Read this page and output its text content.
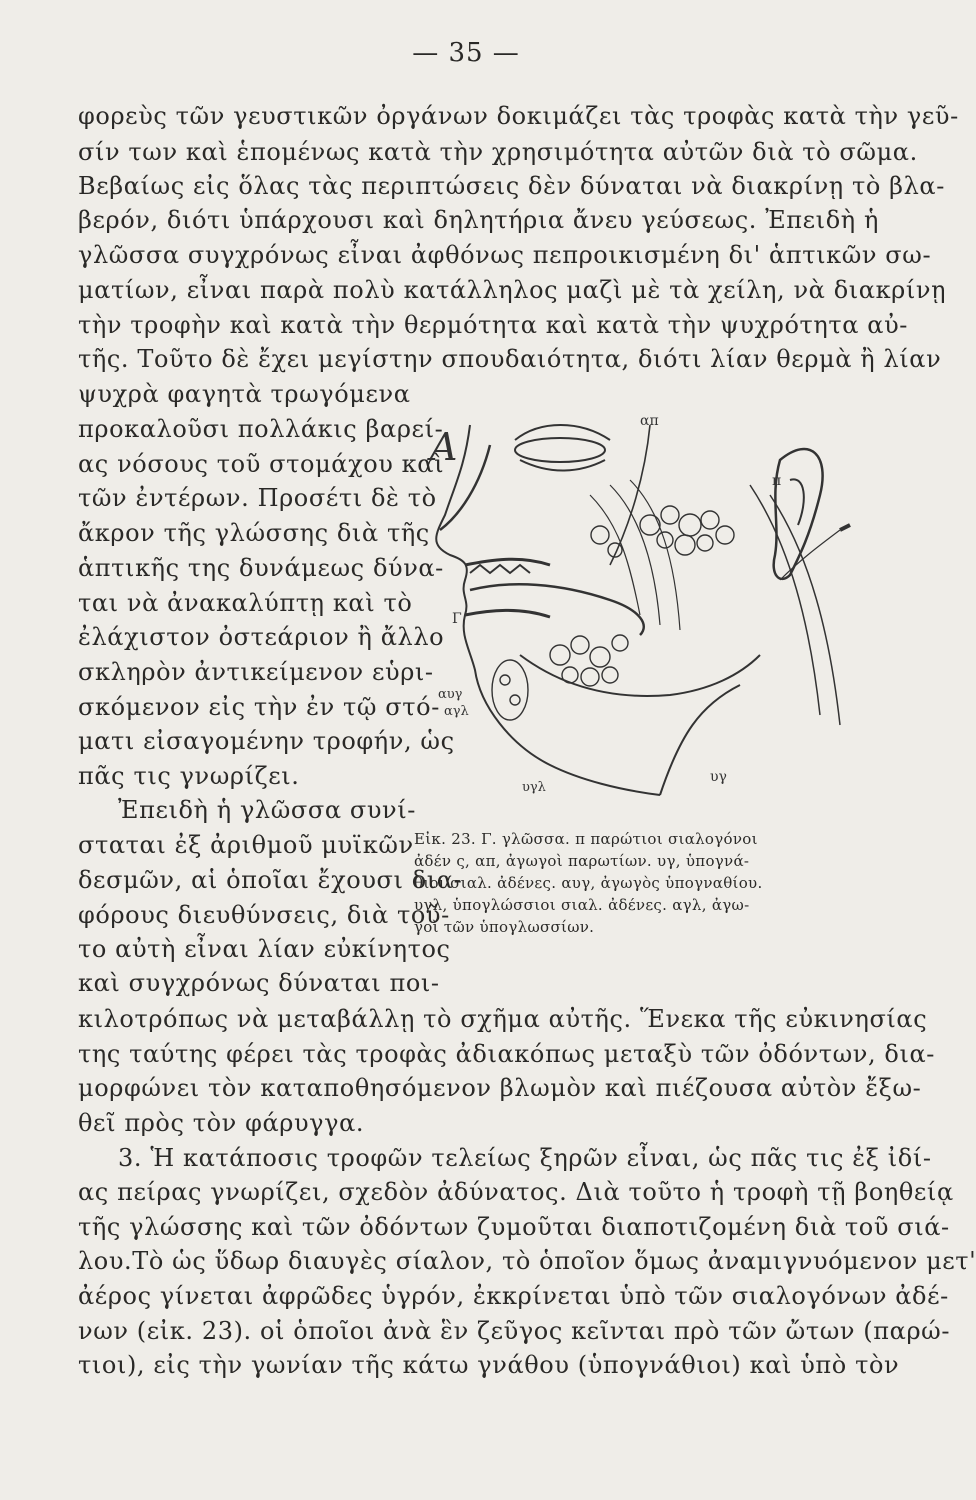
— 35 —
φορεὺς τῶν γευστικῶν ὀργάνων δοκιμάζει τὰς τροφὰς κατὰ τὴν γεῦ-
σίν των καὶ ἑπομένως κατὰ τὴν χρησιμότητα αὐτῶν διὰ τὸ σῶμα.
Βεβαίως εἰς ὅλας τὰς περιπτώσεις δὲν δύναται νὰ διακρίνῃ τὸ βλα-
βερόν, διότι ὑπάρχουσι καὶ δηλητήρια ἄνευ γεύσεως. Ἐπειδὴ ἡ
γλῶσσα συγχρόνως εἶναι ἀφθόνως πεπροικισμένη δι' ἁπτικῶν σω-
ματίων, εἶναι παρὰ πολὺ κατάλληλος μαζὶ μὲ τὰ χείλη, νὰ διακρίνῃ
τὴν τροφὴν καὶ κατὰ τὴν θερμότητα καὶ κατὰ τὴν ψυχρότητα αὐ-
τῆς. Τοῦτο δὲ ἔχει μεγίστην σπουδαιότητα, διότι λίαν θερμὰ ἢ λίαν
ψυχρὰ φαγητὰ τρωγόμενα
προκαλοῦσι πολλάκις βαρεί-
ας νόσους τοῦ στομάχου καὶ
τῶν ἐντέρων. Προσέτι δὲ τὸ
ἄκρον τῆς γλώσσης διὰ τῆς
ἁπτικῆς της δυνάμεως δύνα-
ται νὰ ἀνακαλύπτῃ καὶ τὸ
ἐλάχιστον ὀστεάριον ἢ ἄλλο
σκληρὸν ἀντικείμενον εὑρι-
σκόμενον εἰς τὴν ἐν τῷ στό-
ματι εἰσαγομένην τροφήν, ὡς
πᾶς τις γνωρίζει.
Ἐπειδὴ ἡ γλῶσσα συνί-
σταται ἐξ ἀριθμοῦ μυϊκῶν
δεσμῶν, αἱ ὁποῖαι ἔχουσι δια-
φόρους διευθύνσεις, διὰ τοῦ-
το αὐτὴ εἶναι λίαν εὐκίνητος
καὶ συγχρόνως δύναται ποι-
A
απ
π
Γ
αυγ
αγλ
υγλ
υγ
Εἰκ. 23. Γ. γλῶσσα. π παρώτιοι σιαλογόνοι
ἀδέν ς, απ, ἀγωγοὶ παρωτίων. υγ, ὑπογνά-
θιοι σιαλ. ἀδένες. αυγ, ἀγωγὸς ὑπογναθίου.
υγλ, ὑπογλώσσιοι σιαλ. ἀδένες. αγλ, ἀγω-
γοὶ τῶν ὑπογλωσσίων.
κιλοτρόπως νὰ μεταβάλλῃ τὸ σχῆμα αὐτῆς. Ἕνεκα τῆς εὐκινησίας
της ταύτης φέρει τὰς τροφὰς ἀδιακόπως μεταξὺ τῶν ὀδόντων, δια-
μορφώνει τὸν καταποθησόμενον βλωμὸν καὶ πιέζουσα αὐτὸν ἔξω-
θεῖ πρὸς τὸν φάρυγγα.
3. Ἡ κατάποσις τροφῶν τελείως ξηρῶν εἶναι, ὡς πᾶς τις ἐξ ἰδί-
ας πείρας γνωρίζει, σχεδὸν ἀδύνατος. Διὰ τοῦτο ἡ τροφὴ τῇ βοηθείᾳ
τῆς γλώσσης καὶ τῶν ὀδόντων ζυμοῦται διαποτιζομένη διὰ τοῦ σιά-
λου.Τὸ ὡς ὕδωρ διαυγὲς σίαλον, τὸ ὁποῖον ὅμως ἀναμιγνυόμενον μετ'
ἀέρος γίνεται ἀφρῶδες ὑγρόν, ἐκκρίνεται ὑπὸ τῶν σιαλογόνων ἀδέ-
νων (εἰκ. 23). οἱ ὁποῖοι ἀνὰ ἓν ζεῦγος κεῖνται πρὸ τῶν ὤτων (παρώ-
τιοι), εἰς τὴν γωνίαν τῆς κάτω γνάθου (ὑπογνάθιοι) καὶ ὑπὸ τὸν
